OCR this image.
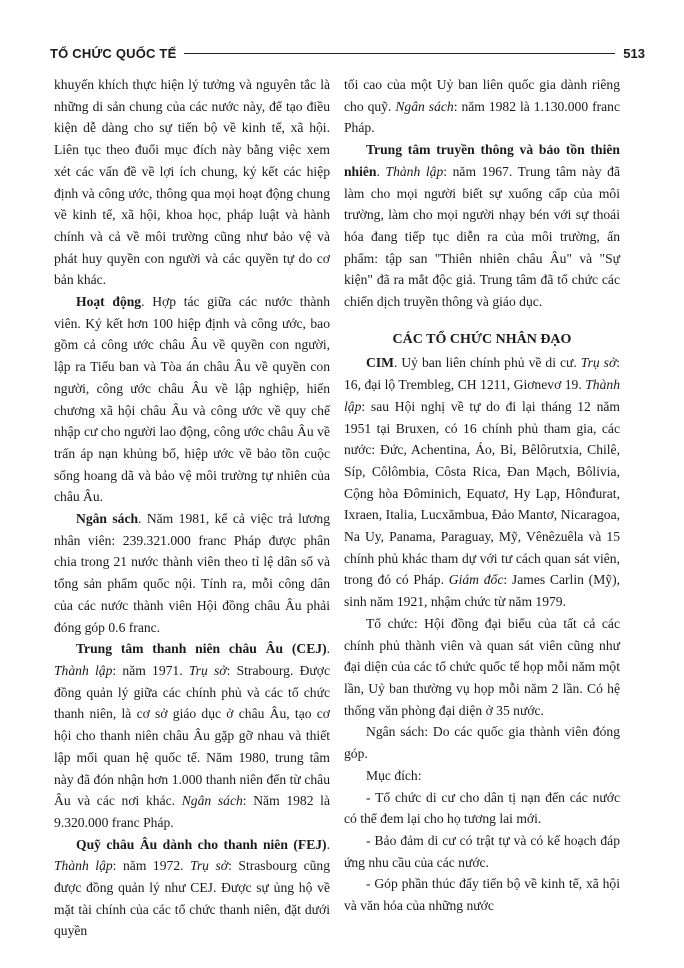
TỔ CHỨC QUỐC TẾ	513

khuyến khích thực hiện lý tưởng và nguyên tắc là những di sản chung của các nước này, để tạo điều kiện dễ dàng cho sự tiến bộ về kinh tế, xã hội. Liên tục theo đuổi mục đích này bằng việc xem xét các vấn đề về lợi ích chung, ký kết các hiệp định và công ước, thông qua mọi hoạt động chung về kinh tế, xã hội, khoa học, pháp luật và hành chính và cả về môi trường cũng như bảo vệ và phát huy quyền con người và các quyền tự do cơ bản khác.

Hoạt động. Hợp tác giữa các nước thành viên. Ký kết hơn 100 hiệp định và công ước, bao gồm cả công ước châu Âu về quyền con người, lập ra Tiểu ban và Tòa án châu Âu về quyền con người, công ước châu Âu về lập nghiệp, hiến chương xã hội châu Âu và công ước về quy chế nhập cư cho người lao động, công ước châu Âu về trấn áp nạn khủng bố, hiệp ước về bảo tồn cuộc sống hoang dã và bảo vệ môi trường tự nhiên của châu Âu.

Ngân sách. Năm 1981, kể cả việc trả lương nhân viên: 239.321.000 franc Pháp được phân chia trong 21 nước thành viên theo tỉ lệ dân số và tổng sản phẩm quốc nội. Tính ra, mỗi công dân của các nước thành viên Hội đồng châu Âu phải đóng góp 0.6 franc.

Trung tâm thanh niên châu Âu (CEJ). Thành lập: năm 1971. Trụ sở: Strabourg. Được đồng quản lý giữa các chính phủ và các tổ chức thanh niên, là cơ sở giáo dục ở châu Âu, tạo cơ hội cho thanh niên châu Âu gặp gỡ nhau và thiết lập mối quan hệ quốc tế. Năm 1980, trung tâm này đã đón nhận hơn 1.000 thanh niên đến từ châu Âu và các nơi khác. Ngân sách: Năm 1982 là 9.320.000 franc Pháp.

Quỹ châu Âu dành cho thanh niên (FEJ). Thành lập: năm 1972. Trụ sở: Strasbourg cũng được đồng quản lý như CEJ. Được sự ủng hộ về mặt tài chính của các tổ chức thanh niên, đặt dưới quyền

tối cao của một Uỷ ban liên quốc gia dành riêng cho quỹ. Ngân sách: năm 1982 là 1.130.000 franc Pháp.

Trung tâm truyền thông và bảo tồn thiên nhiên. Thành lập: năm 1967. Trung tâm này đã làm cho mọi người biết sự xuống cấp của môi trường, làm cho mọi người nhạy bén với sự thoái hóa đang tiếp tục diễn ra của môi trường, ấn phẩm: tập san "Thiên nhiên châu Âu" và "Sự kiện" đã ra mắt độc giả. Trung tâm đã tổ chức các chiến dịch truyền thông và giáo dục.

CÁC TỔ CHỨC NHÂN ĐẠO

CIM. Uỷ ban liên chính phủ về di cư. Trụ sở: 16, đại lộ Trembleg, CH 1211, Giơnevơ 19. Thành lập: sau Hội nghị về tự do đi lại tháng 12 năm 1951 tại Bruxen, có 16 chính phủ tham gia, các nước: Đức, Achentina, Áo, Bỉ, Bêlôrutxia, Chilê, Síp, Côlômbia, Côsta Rica, Đan Mạch, Bôlivia, Cộng hòa Đôminich, Equatơ, Hy Lạp, Hônđurat, Ixraen, Italia, Lucxămbua, Đảo Mantơ, Nicaragoa, Na Uy, Panama, Paraguay, Mỹ, Vênêzuêla và 15 chính phủ khác tham dự với tư cách quan sát viên, trong đó có Pháp. Giám đốc: James Carlin (Mỹ), sinh năm 1921, nhậm chức từ năm 1979.

Tổ chức: Hội đồng đại biểu của tất cả các chính phủ thành viên và quan sát viên cũng như đại diện của các tổ chức quốc tế họp mỗi năm một lần, Uỷ ban thường vụ họp mỗi năm 2 lần. Có hệ thống văn phòng đại diện ở 35 nước.

Ngân sách: Do các quốc gia thành viên đóng góp.

Mục đích:

- Tổ chức di cư cho dân tị nạn đến các nước có thể đem lại cho họ tương lai mới.

- Bảo đảm di cư có trật tự và có kế hoạch đáp ứng nhu cầu của các nước.

- Góp phần thúc đẩy tiến bộ về kinh tế, xã hội và văn hóa của những nước
